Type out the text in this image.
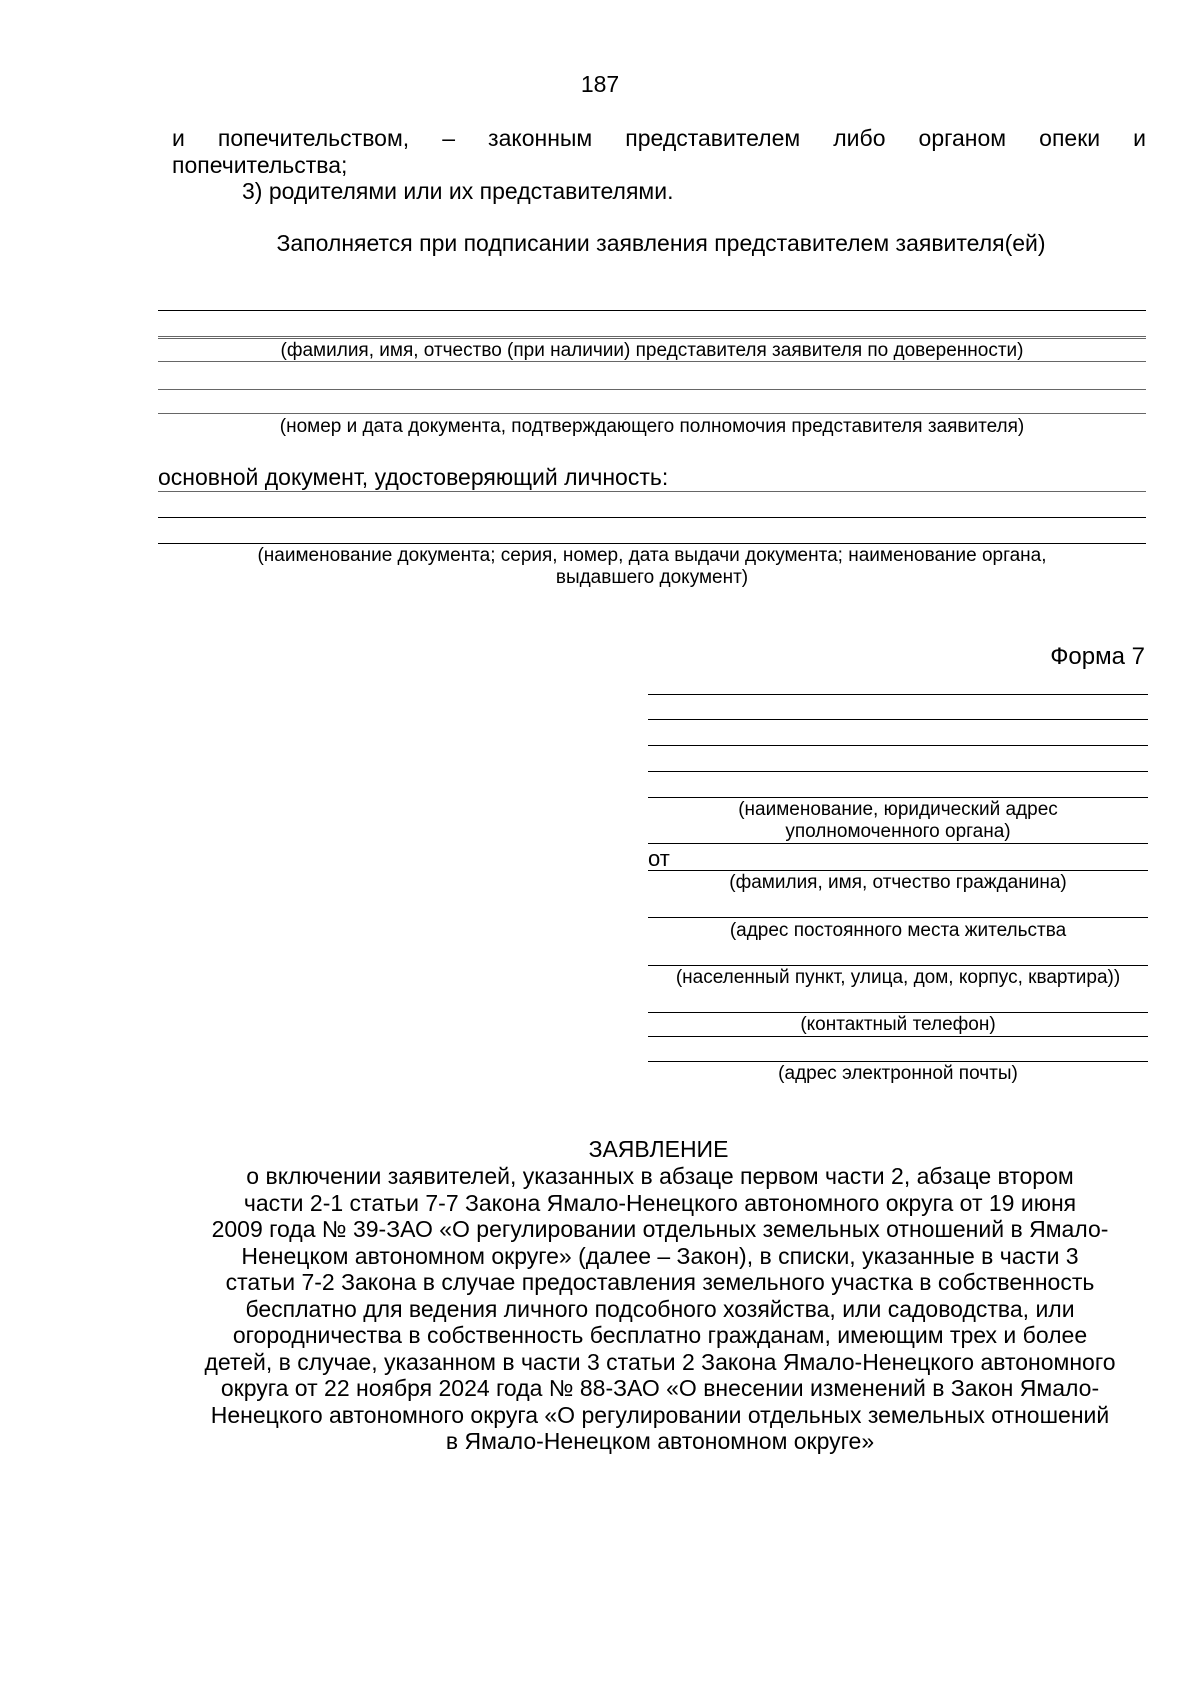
187
и попечительством, – законным представителем либо органом опеки и
попечительства;
3) родителями или их представителями.
Заполняется при подписании заявления представителем заявителя(ей)
(фамилия, имя, отчество (при наличии) представителя заявителя по доверенности)
(номер и дата документа, подтверждающего полномочия представителя заявителя)
основной документ, удостоверяющий личность:
(наименование документа; серия, номер, дата выдачи документа; наименование органа,
выдавшего документ)
Форма 7
(наименование, юридический адрес
уполномоченного органа)
от
(фамилия, имя, отчество гражданина)
(адрес постоянного места жительства
(населенный пункт, улица, дом, корпус, квартира))
(контактный телефон)
(адрес электронной почты)
ЗАЯВЛЕНИЕ
о включении заявителей, указанных в абзаце первом части 2, абзаце втором
части 2-1 статьи 7-7 Закона Ямало-Ненецкого автономного округа от 19 июня
2009 года № 39-ЗАО «О регулировании отдельных земельных отношений в Ямало-
Ненецком автономном округе» (далее – Закон), в списки, указанные в части 3
статьи 7-2 Закона в случае предоставления земельного участка в собственность
бесплатно для ведения личного подсобного хозяйства, или садоводства, или
огородничества в собственность бесплатно гражданам, имеющим трех и более
детей, в случае, указанном в части 3 статьи 2 Закона Ямало-Ненецкого автономного
округа от 22 ноября 2024 года № 88-ЗАО «О внесении изменений в Закон Ямало-
Ненецкого автономного округа «О регулировании отдельных земельных отношений
в Ямало-Ненецком автономном округе»
